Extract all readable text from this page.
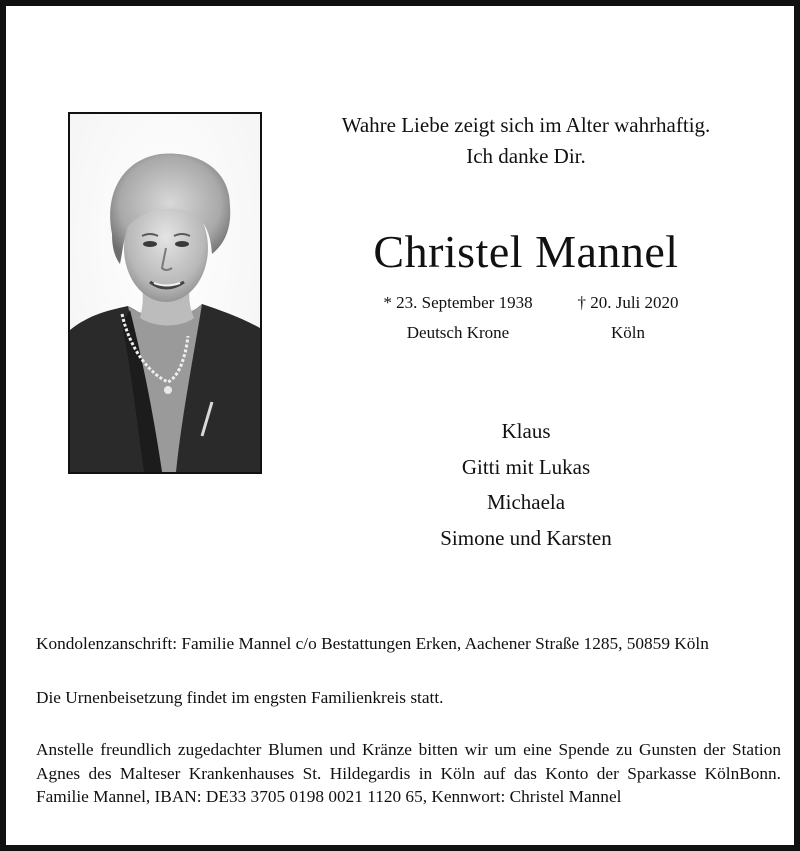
Wahre Liebe zeigt sich im Alter wahrhaftig.
Ich danke Dir.
Christel Mannel
* 23. September 1938
Deutsch Krone
† 20. Juli 2020
Köln
Klaus
Gitti mit Lukas
Michaela
Simone und Karsten

Kondolenzanschrift: Familie Mannel c/o Bestattungen Erken, Aachener Straße 1285, 50859 Köln

Die Urnenbeisetzung findet im engsten Familienkreis statt.

Anstelle freundlich zugedachter Blumen und Kränze bitten wir um eine Spende zu Gunsten der Station Agnes des Malteser Krankenhauses St. Hildegardis in Köln auf das Konto der Sparkasse KölnBonn. Familie Mannel, IBAN: DE33 3705 0198 0021 1120 65, Kennwort: Christel Mannel
